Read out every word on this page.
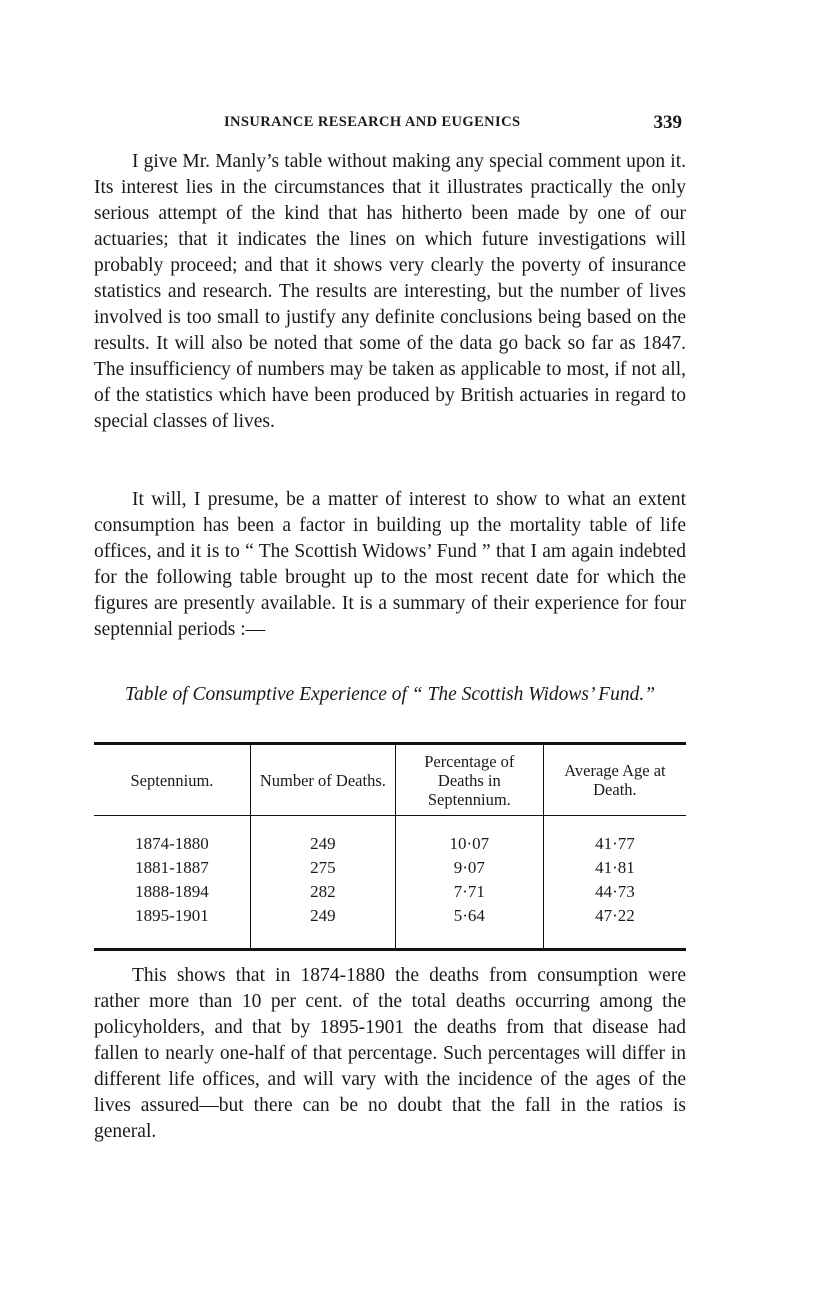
INSURANCE RESEARCH AND EUGENICS	339

I give Mr. Manly’s table without making any special comment upon it. Its interest lies in the circumstances that it illustrates practically the only serious attempt of the kind that has hitherto been made by one of our actuaries; that it indicates the lines on which future investigations will probably proceed; and that it shows very clearly the poverty of insurance statistics and research. The results are interesting, but the number of lives involved is too small to justify any definite conclusions being based on the results. It will also be noted that some of the data go back so far as 1847. The insufficiency of numbers may be taken as applicable to most, if not all, of the statistics which have been produced by British actuaries in regard to special classes of lives.

It will, I presume, be a matter of interest to show to what an extent consumption has been a factor in building up the mortality table of life offices, and it is to “ The Scottish Widows’ Fund ” that I am again indebted for the following table brought up to the most recent date for which the figures are presently available. It is a summary of their experience for four septennial periods :—

Table of Consumptive Experience of “ The Scottish Widows’ Fund.”

Septennium.	Number of Deaths.	Percentage of Deaths in Septennium.	Average Age at Death.
1874-1880	249	10·07	41·77
1881-1887	275	9·07	41·81
1888-1894	282	7·71	44·73
1895-1901	249	5·64	47·22

This shows that in 1874-1880 the deaths from consumption were rather more than 10 per cent. of the total deaths occurring among the policyholders, and that by 1895-1901 the deaths from that disease had fallen to nearly one-half of that percentage. Such percentages will differ in different life offices, and will vary with the incidence of the ages of the lives assured—but there can be no doubt that the fall in the ratios is general.
